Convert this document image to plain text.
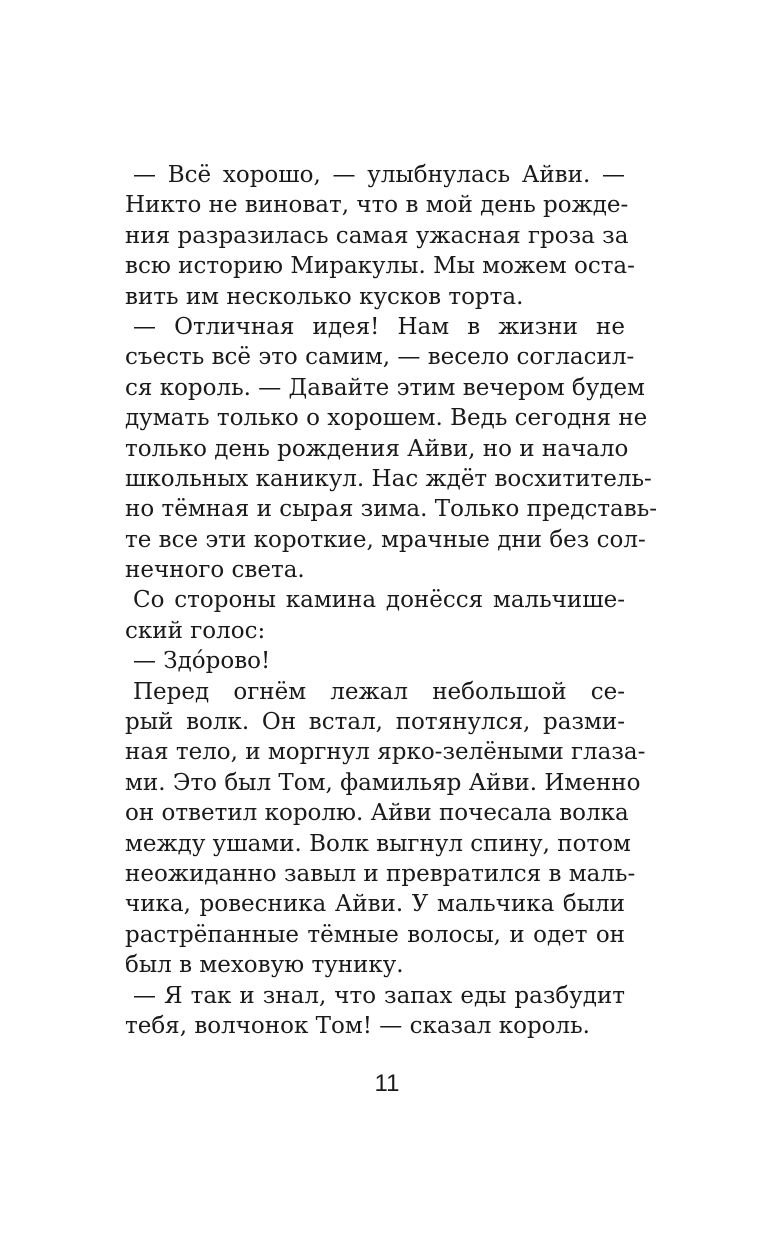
— Всё хорошо, — улыбнулась Айви. —
Никто не виноват, что в мой день рожде-
ния разразилась самая ужасная гроза за
всю историю Миракулы. Мы можем оста-
вить им несколько кусков торта.
— Отличная идея! Нам в жизни не
съесть всё это самим, — весело согласил-
ся король. — Давайте этим вечером будем
думать только о хорошем. Ведь сегодня не
только день рождения Айви, но и начало
школьных каникул. Нас ждёт восхититель-
но тёмная и сырая зима. Только представь-
те все эти короткие, мрачные дни без сол-
нечного света.
Со стороны камина донёсся мальчише-
ский голос:
— Здо́рово!
Перед огнём лежал небольшой се-
рый волк. Он встал, потянулся, разми-
ная тело, и моргнул ярко-зелёными глаза-
ми. Это был Том, фамильяр Айви. Именно
он ответил королю. Айви почесала волка
между ушами. Волк выгнул спину, потом
неожиданно завыл и превратился в маль-
чика, ровесника Айви. У мальчика были
растрёпанные тёмные волосы, и одет он
был в меховую тунику.
— Я так и знал, что запах еды разбудит
тебя, волчонок Том! — сказал король.
11
